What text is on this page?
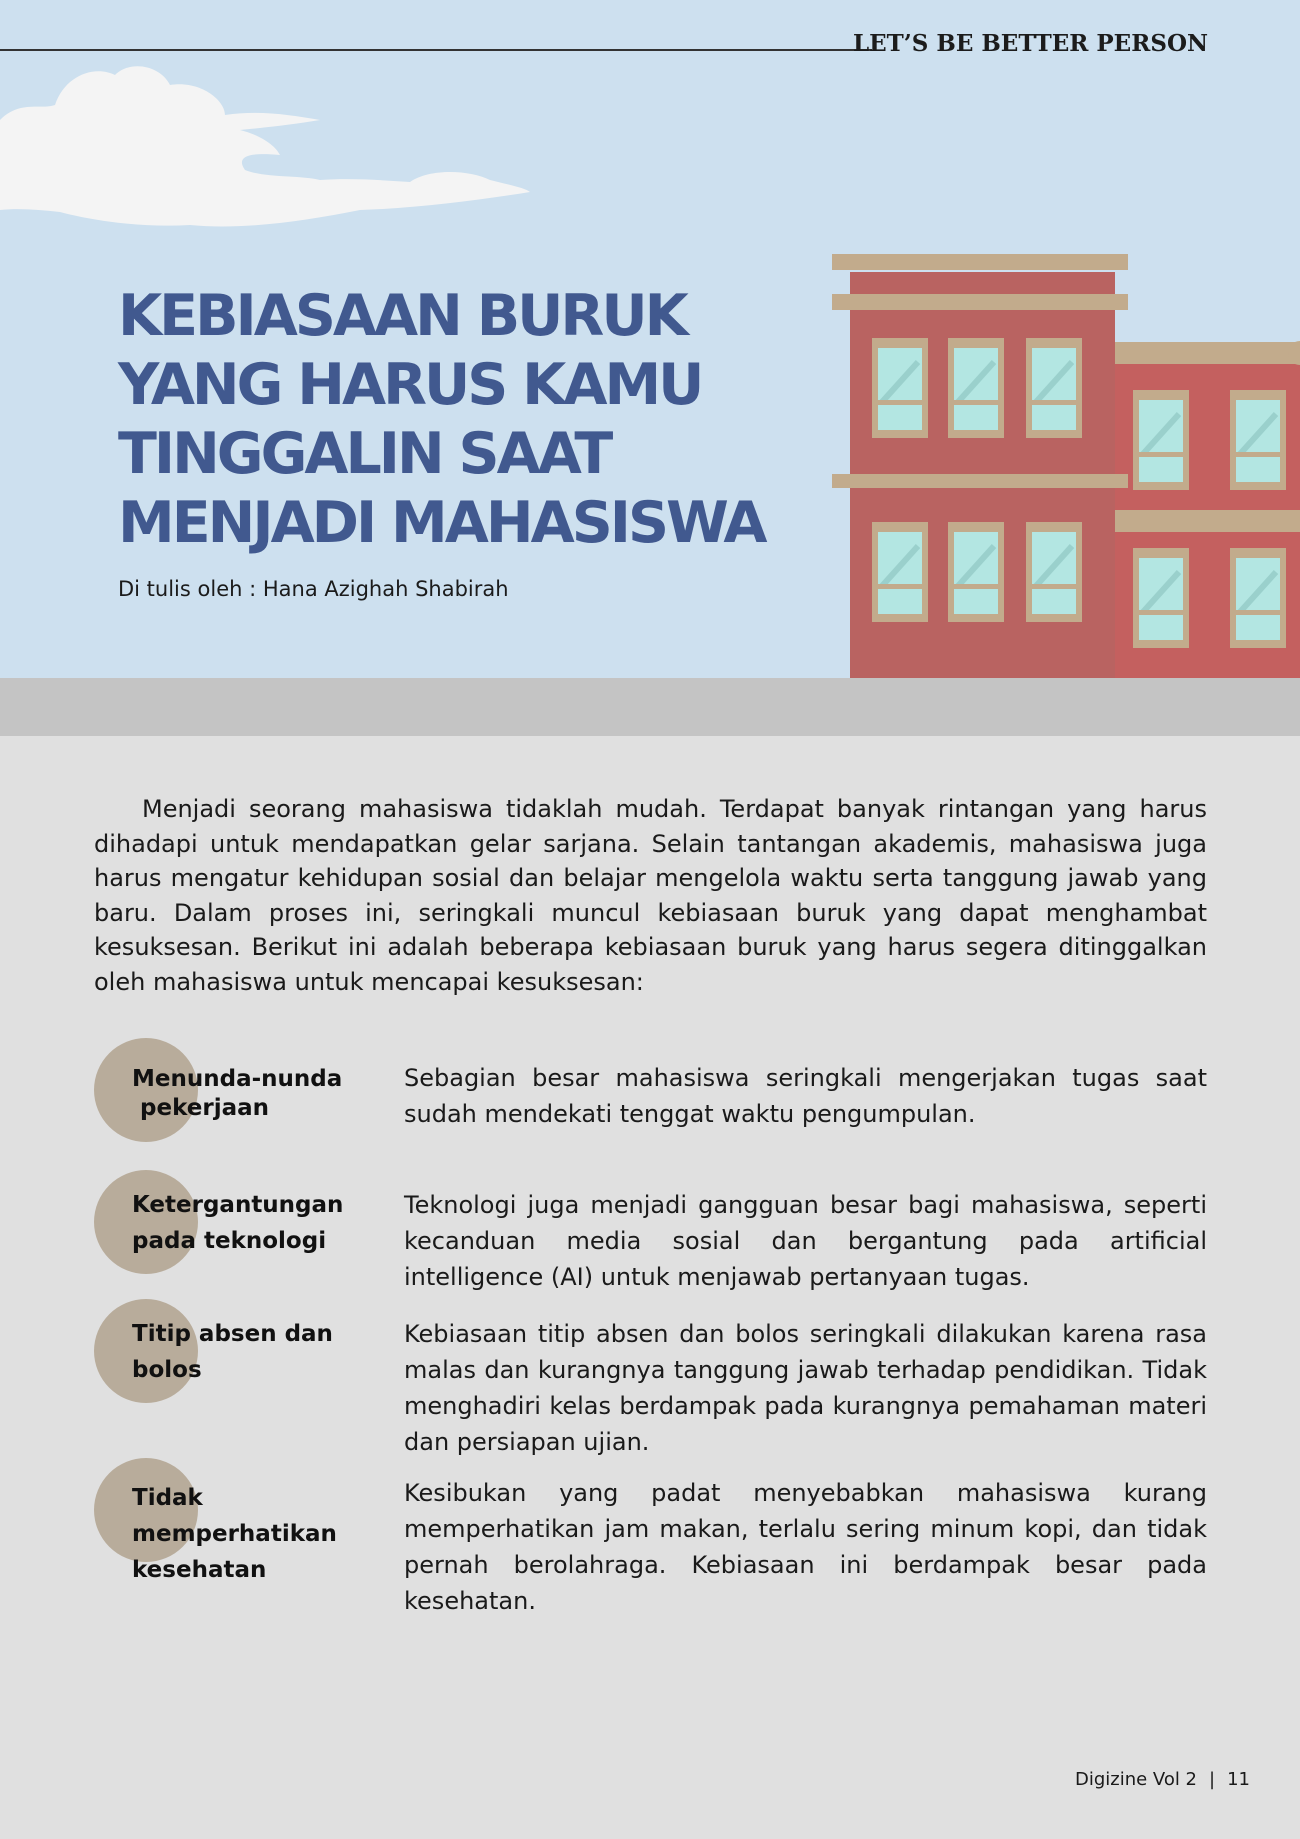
LET’S BE BETTER PERSON
KEBIASAAN BURUK
YANG HARUS KAMU
TINGGALIN SAAT
MENJADI MAHASISWA
Di tulis oleh : Hana Azighah Shabirah

Menjadi seorang mahasiswa tidaklah mudah. Terdapat banyak rintangan yang harus dihadapi untuk mendapatkan gelar sarjana. Selain tantangan akademis, mahasiswa juga harus mengatur kehidupan sosial dan belajar mengelola waktu serta tanggung jawab yang baru. Dalam proses ini, seringkali muncul kebiasaan buruk yang dapat menghambat kesuksesan. Berikut ini adalah beberapa kebiasaan buruk yang harus segera ditinggalkan oleh mahasiswa untuk mencapai kesuksesan:

Menunda-nunda
pekerjaan

Sebagian besar mahasiswa seringkali mengerjakan tugas saat sudah mendekati tenggat waktu pengumpulan.

Ketergantungan
pada teknologi

Teknologi juga menjadi gangguan besar bagi mahasiswa, seperti kecanduan media sosial dan bergantung pada artificial intelligence (AI) untuk menjawab pertanyaan tugas.

Titip absen dan
bolos

Kebiasaan titip absen dan bolos seringkali dilakukan karena rasa malas dan kurangnya tanggung jawab terhadap pendidikan. Tidak menghadiri kelas berdampak pada kurangnya pemahaman materi dan persiapan ujian.

Tidak
memperhatikan
kesehatan

Kesibukan yang padat menyebabkan mahasiswa kurang memperhatikan jam makan, terlalu sering minum kopi, dan tidak pernah berolahraga. Kebiasaan ini berdampak besar pada kesehatan.

Digizine Vol 2 | 11
